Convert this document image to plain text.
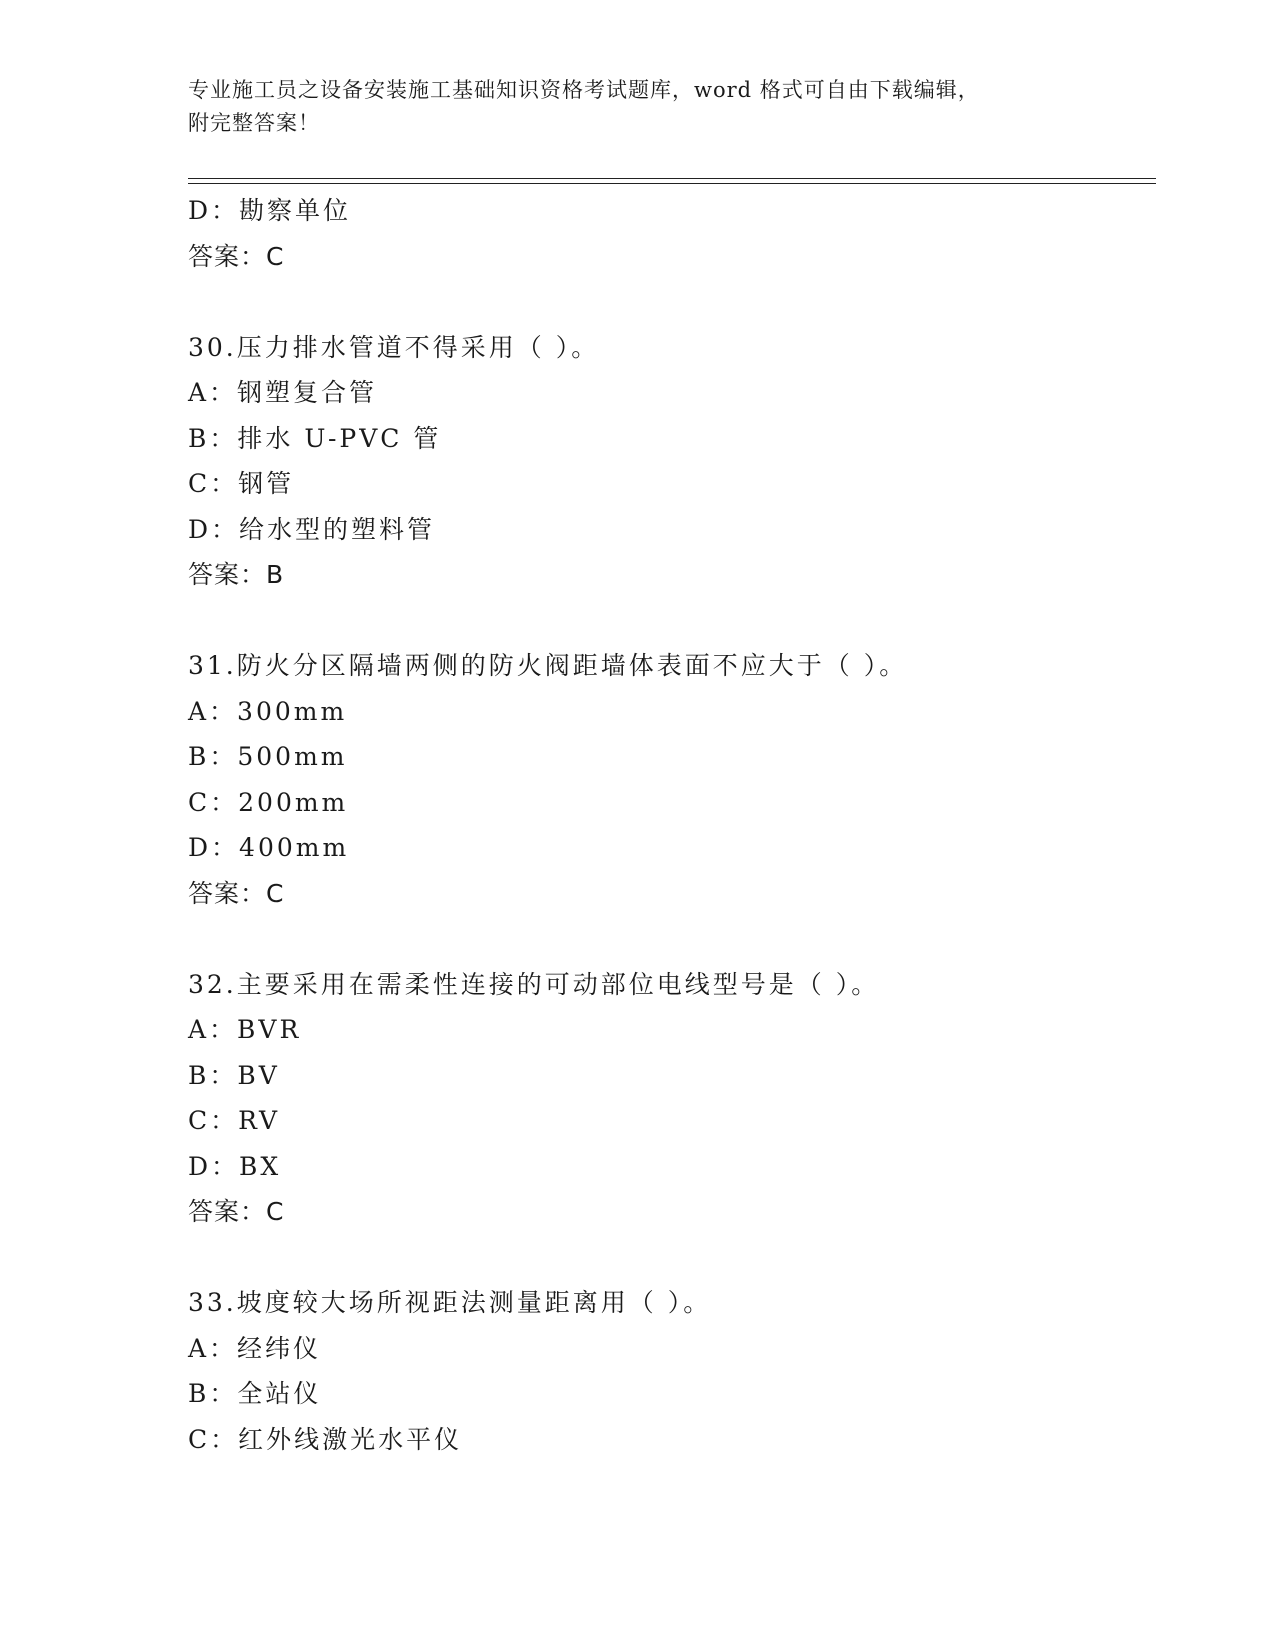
专业施工员之设备安装施工基础知识资格考试题库，word 格式可自由下载编辑，
附完整答案！
D：勘察单位
答案：C
30.压力排水管道不得采用（ ）。
A：钢塑复合管
B：排水 U-PVC 管
C：钢管
D：给水型的塑料管
答案：B
31.防火分区隔墙两侧的防火阀距墙体表面不应大于（ ）。
A：300mm
B：500mm
C：200mm
D：400mm
答案：C
32.主要采用在需柔性连接的可动部位电线型号是（ ）。
A：BVR
B：BV
C：RV
D：BX
答案：C
33.坡度较大场所视距法测量距离用（ ）。
A：经纬仪
B：全站仪
C：红外线激光水平仪
